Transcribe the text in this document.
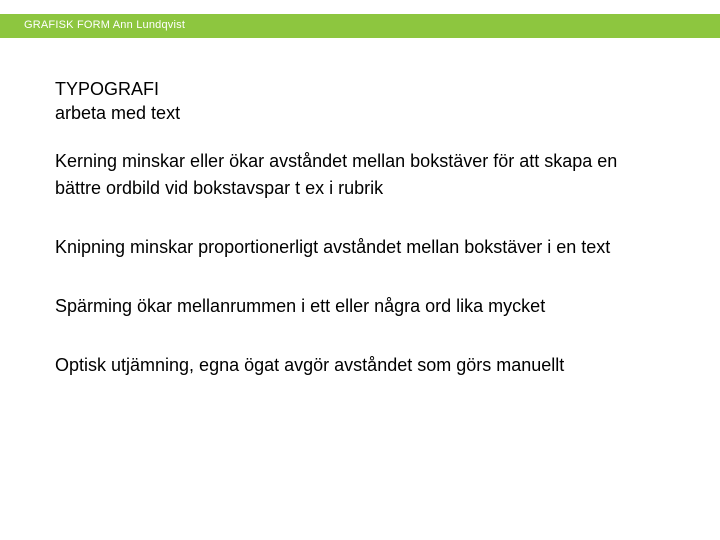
GRAFISK FORM Ann Lundqvist
TYPOGRAFI
arbeta med text

Kerning minskar eller ökar avståndet mellan bokstäver för att skapa en bättre ordbild vid bokstavspar t ex i rubrik

Knipning minskar proportionerligt avståndet mellan bokstäver i en text

Spärming ökar mellanrummen i ett eller några ord lika mycket

Optisk utjämning, egna ögat avgör avståndet som görs manuellt
